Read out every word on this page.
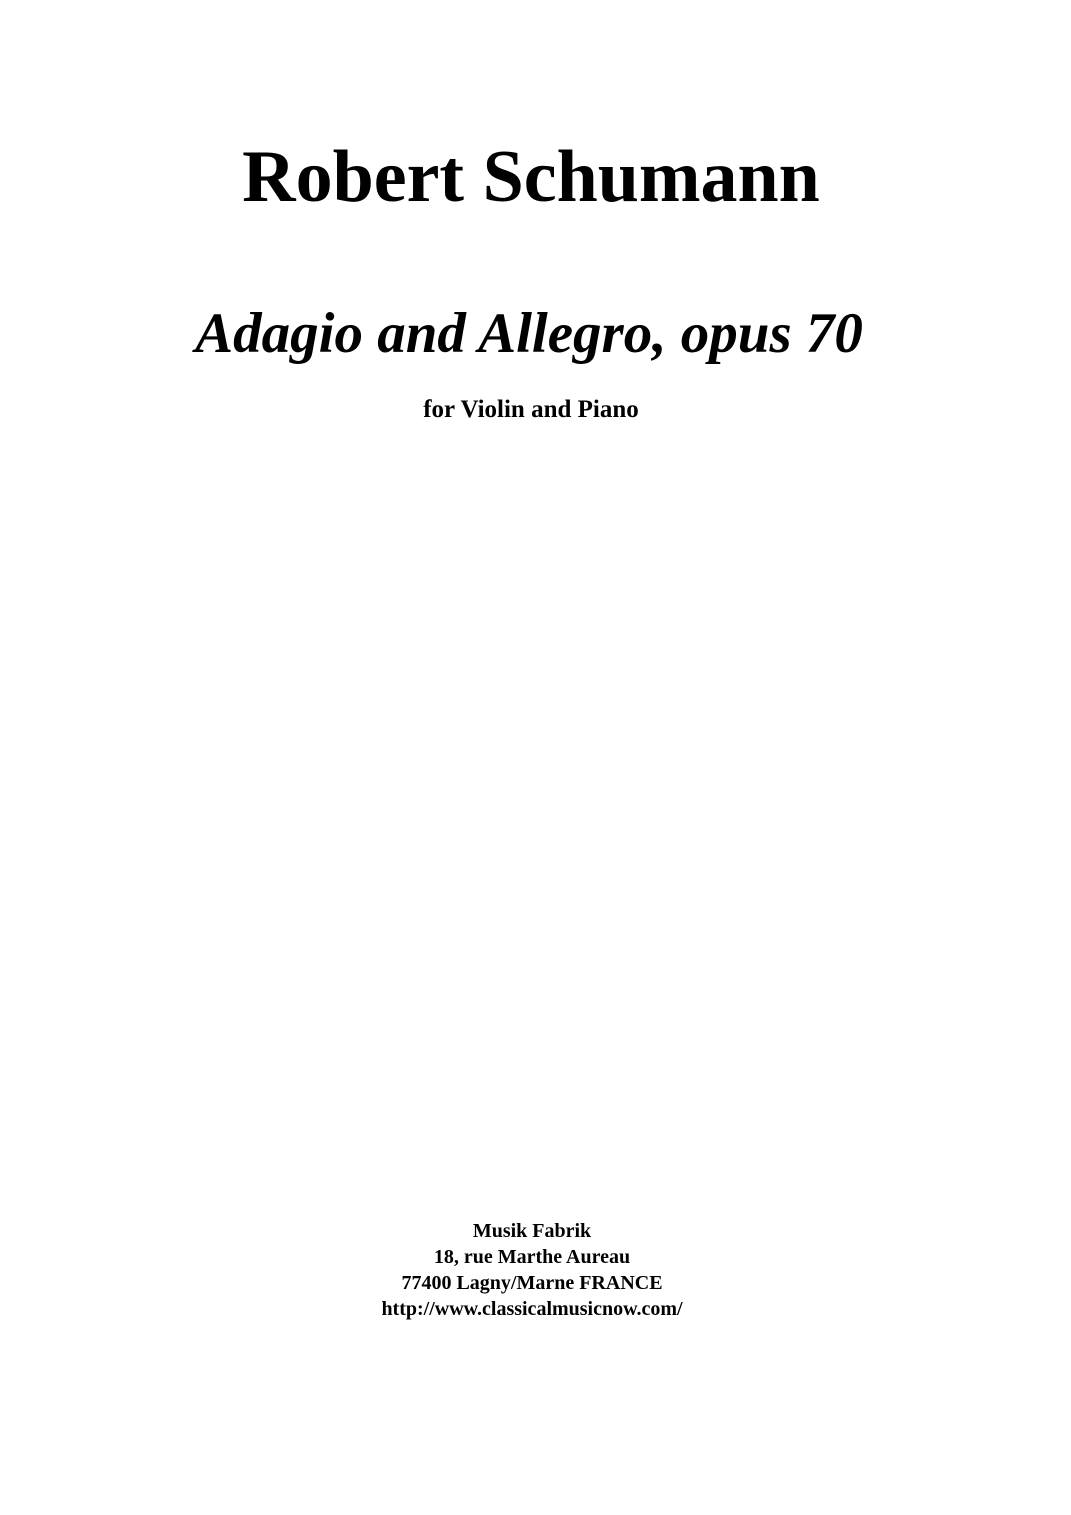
Robert Schumann
Adagio and Allegro, opus 70
for Violin and Piano
Musik Fabrik
18, rue Marthe Aureau
77400 Lagny/Marne FRANCE
http://www.classicalmusicnow.com/
